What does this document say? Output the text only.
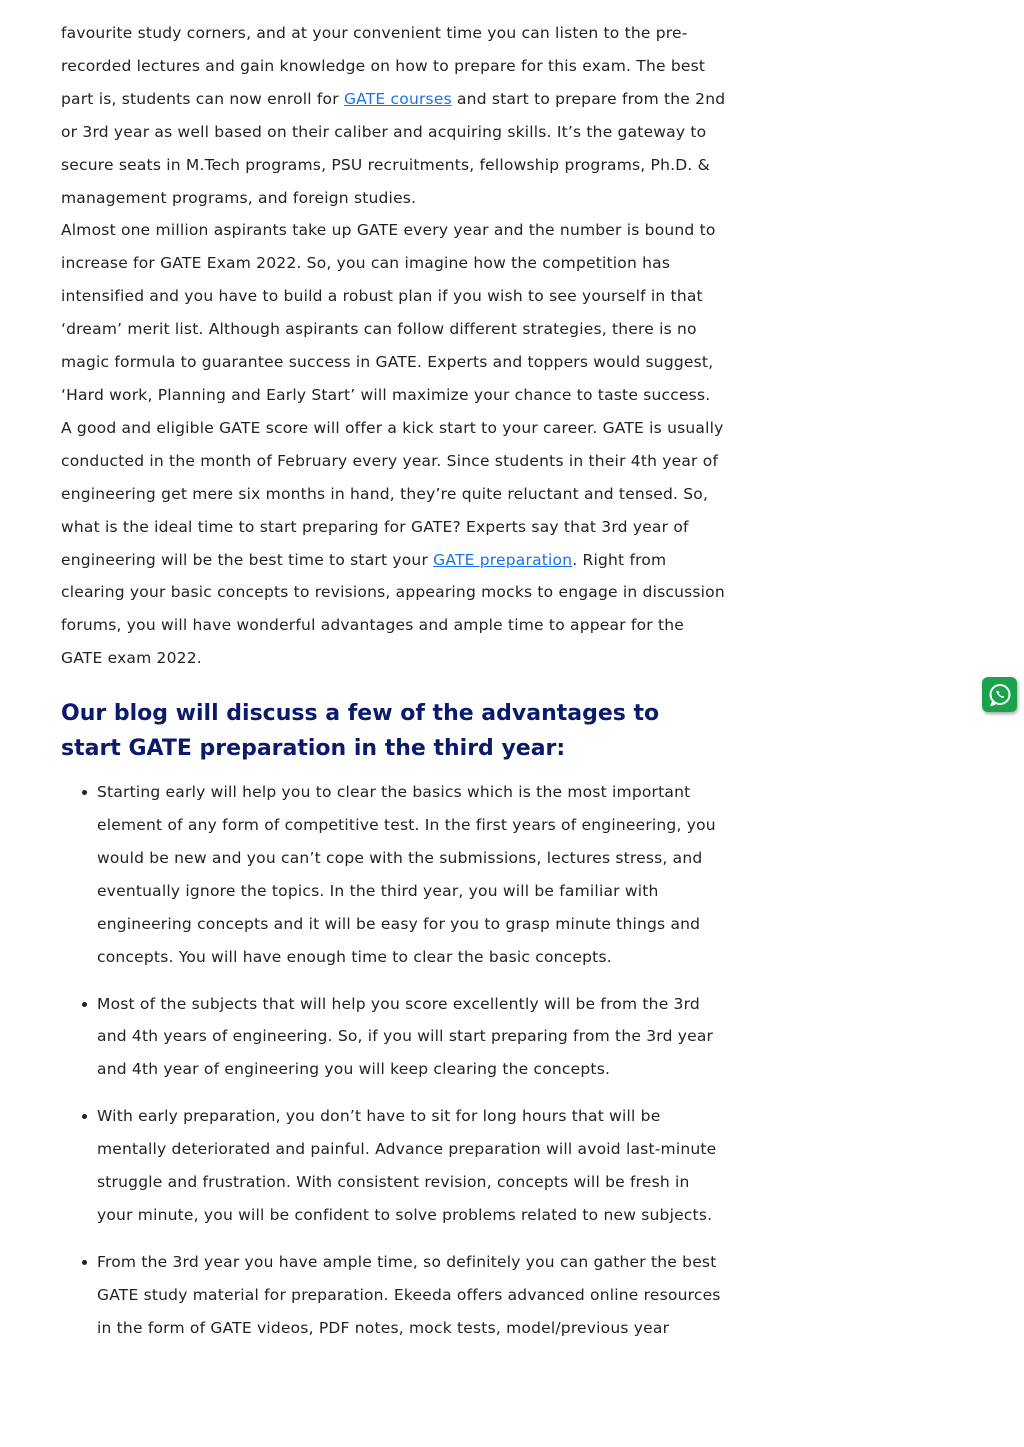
favourite study corners, and at your convenient time you can listen to the pre-recorded lectures and gain knowledge on how to prepare for this exam. The best part is, students can now enroll for GATE courses and start to prepare from the 2nd or 3rd year as well based on their caliber and acquiring skills. It’s the gateway to secure seats in M.Tech programs, PSU recruitments, fellowship programs, Ph.D. & management programs, and foreign studies.

Almost one million aspirants take up GATE every year and the number is bound to increase for GATE Exam 2022. So, you can imagine how the competition has intensified and you have to build a robust plan if you wish to see yourself in that ‘dream’ merit list. Although aspirants can follow different strategies, there is no magic formula to guarantee success in GATE. Experts and toppers would suggest, ‘Hard work, Planning and Early Start’ will maximize your chance to taste success. A good and eligible GATE score will offer a kick start to your career. GATE is usually conducted in the month of February every year. Since students in their 4th year of engineering get mere six months in hand, they’re quite reluctant and tensed. So, what is the ideal time to start preparing for GATE? Experts say that 3rd year of engineering will be the best time to start your GATE preparation. Right from clearing your basic concepts to revisions, appearing mocks to engage in discussion forums, you will have wonderful advantages and ample time to appear for the GATE exam 2022.

Our blog will discuss a few of the advantages to start GATE preparation in the third year:
Starting early will help you to clear the basics which is the most important element of any form of competitive test. In the first years of engineering, you would be new and you can’t cope with the submissions, lectures stress, and eventually ignore the topics. In the third year, you will be familiar with engineering concepts and it will be easy for you to grasp minute things and concepts. You will have enough time to clear the basic concepts.
Most of the subjects that will help you score excellently will be from the 3rd and 4th years of engineering. So, if you will start preparing from the 3rd year and 4th year of engineering you will keep clearing the concepts.
With early preparation, you don’t have to sit for long hours that will be mentally deteriorated and painful. Advance preparation will avoid last-minute struggle and frustration. With consistent revision, concepts will be fresh in your minute, you will be confident to solve problems related to new subjects.
From the 3rd year you have ample time, so definitely you can gather the best GATE study material for preparation. Ekeeda offers advanced online resources in the form of GATE videos, PDF notes, mock tests, model/previous year
